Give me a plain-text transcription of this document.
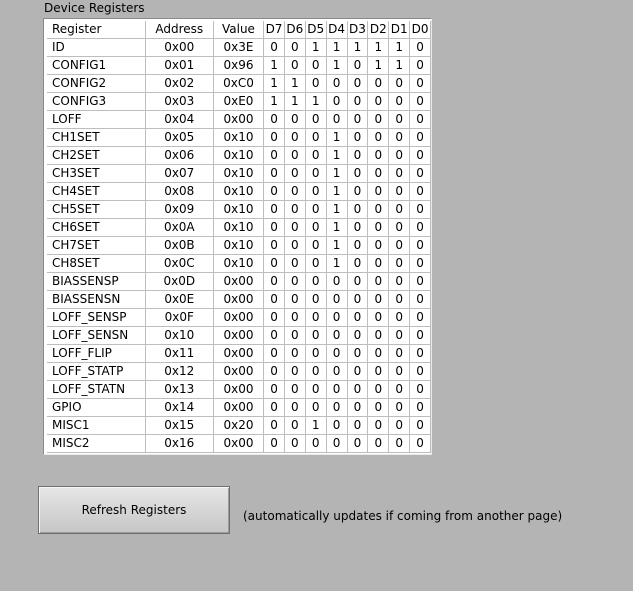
Device Registers
Register	Address	Value	D7	D6	D5	D4	D3	D2	D1	D0
ID	0x00	0x3E	0	0	1	1	1	1	1	0
CONFIG1	0x01	0x96	1	0	0	1	0	1	1	0
CONFIG2	0x02	0xC0	1	1	0	0	0	0	0	0
CONFIG3	0x03	0xE0	1	1	1	0	0	0	0	0
LOFF	0x04	0x00	0	0	0	0	0	0	0	0
CH1SET	0x05	0x10	0	0	0	1	0	0	0	0
CH2SET	0x06	0x10	0	0	0	1	0	0	0	0
CH3SET	0x07	0x10	0	0	0	1	0	0	0	0
CH4SET	0x08	0x10	0	0	0	1	0	0	0	0
CH5SET	0x09	0x10	0	0	0	1	0	0	0	0
CH6SET	0x0A	0x10	0	0	0	1	0	0	0	0
CH7SET	0x0B	0x10	0	0	0	1	0	0	0	0
CH8SET	0x0C	0x10	0	0	0	1	0	0	0	0
BIASSENSP	0x0D	0x00	0	0	0	0	0	0	0	0
BIASSENSN	0x0E	0x00	0	0	0	0	0	0	0	0
LOFF_SENSP	0x0F	0x00	0	0	0	0	0	0	0	0
LOFF_SENSN	0x10	0x00	0	0	0	0	0	0	0	0
LOFF_FLIP	0x11	0x00	0	0	0	0	0	0	0	0
LOFF_STATP	0x12	0x00	0	0	0	0	0	0	0	0
LOFF_STATN	0x13	0x00	0	0	0	0	0	0	0	0
GPIO	0x14	0x00	0	0	0	0	0	0	0	0
MISC1	0x15	0x20	0	0	1	0	0	0	0	0
MISC2	0x16	0x00	0	0	0	0	0	0	0	0
Refresh Registers	(automatically updates if coming from another page)
